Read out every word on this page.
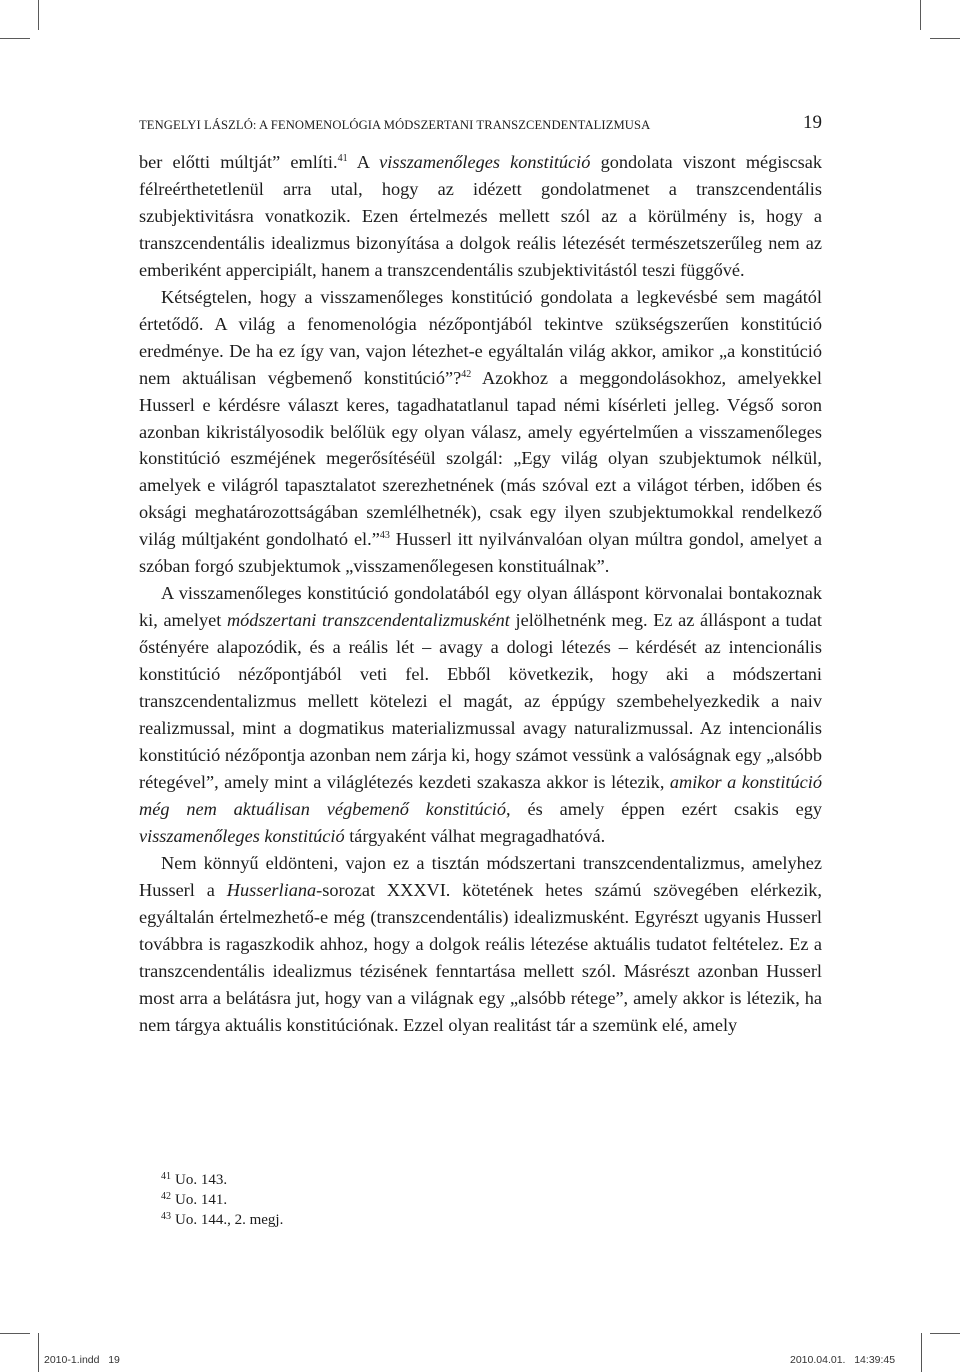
TENGELYI LÁSZLÓ: A FENOMENOLÓGIA MÓDSZERTANI TRANSZCENDENTALIZMUSA	19

ber előtti múltját” említi.$^{41}$ A visszamenőleges konstitúció gondolata viszont mégiscsak félreérthetetlenül arra utal, hogy az idézett gondolatmenet a transzcendentális szubjektivitásra vonatkozik. Ezen értelmezés mellett szól az a körülmény is, hogy a transzcendentális idealizmus bizonyítása a dolgok reális létezését természetszerűleg nem az emberiként appercipiált, hanem a transzcendentális szubjektivitástól teszi függővé.

Kétségtelen, hogy a visszamenőleges konstitúció gondolata a legkevésbé sem magától értetődő. A világ a fenomenológia nézőpontjából tekintve szükségszerűen konstitúció eredménye. De ha ez így van, vajon létezhet-e egyáltalán világ akkor, amikor „a konstitúció nem aktuálisan végbemenő konstitúció”?$^{42}$ Azokhoz a meggondolásokhoz, amelyekkel Husserl e kérdésre választ keres, tagadhatatlanul tapad némi kísérleti jelleg. Végső soron azonban kikristályosodik belőlük egy olyan válasz, amely egyértelműen a visszamenőleges konstitúció eszméjének megerősítéséül szolgál: „Egy világ olyan szubjektumok nélkül, amelyek e világról tapasztalatot szerezhetnének (más szóval ezt a világot térben, időben és oksági meghatározottságában szemlélhetnék), csak egy ilyen szubjektumokkal rendelkező világ múltjaként gondolható el.”$^{43}$ Husserl itt nyilvánvalóan olyan múltra gondol, amelyet a szóban forgó szubjektumok „visszamenőlegesen konstituálnak”.

A visszamenőleges konstitúció gondolatából egy olyan álláspont körvonalai bontakoznak ki, amelyet módszertani transzcendentalizmusként jelölhetnénk meg. Ez az álláspont a tudat őstényére alapozódik, és a reális lét – avagy a dologi létezés – kérdését az intencionális konstitúció nézőpontjából veti fel. Ebből következik, hogy aki a módszertani transzcendentalizmus mellett kötelezi el magát, az éppúgy szembehelyezkedik a naiv realizmussal, mint a dogmatikus materializmussal avagy naturalizmussal. Az intencionális konstitúció nézőpontja azonban nem zárja ki, hogy számot vessünk a valóságnak egy „alsóbb rétegével”, amely mint a világlétezés kezdeti szakasza akkor is létezik, amikor a konstitúció még nem aktuálisan végbemenő konstitúció, és amely éppen ezért csakis egy visszamenőleges konstitúció tárgyaként válhat megragadhatóvá.

Nem könnyű eldönteni, vajon ez a tisztán módszertani transzcendentalizmus, amelyhez Husserl a Husserliana-sorozat XXXVI. kötetének hetes számú szövegében elérkezik, egyáltalán értelmezhető-e még (transzcendentális) idealizmusként. Egyrészt ugyanis Husserl továbbra is ragaszkodik ahhoz, hogy a dolgok reális létezése aktuális tudatot feltételez. Ez a transzcendentális idealizmus tézisének fenntartása mellett szól. Másrészt azonban Husserl most arra a belátásra jut, hogy van a világnak egy „alsóbb rétege”, amely akkor is létezik, ha nem tárgya aktuális konstitúciónak. Ezzel olyan realitást tár a szemünk elé, amely

$^{41}$ Uo. 143.
$^{42}$ Uo. 141.
$^{43}$ Uo. 144., 2. megj.
2010-1.indd   19	2010.04.01.   14:39:45
